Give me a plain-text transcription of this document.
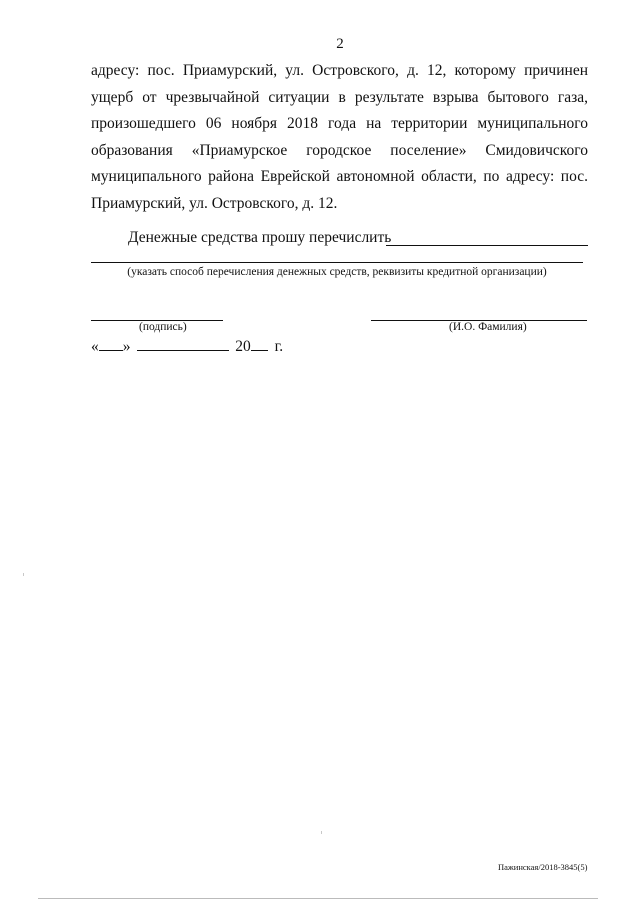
2

адресу: пос. Приамурский, ул. Островского, д. 12, которому причинен ущерб от чрезвычайной ситуации в результате взрыва бытового газа, произошедшего 06 ноября 2018 года на территории муниципального образования «Приамурское городское поселение» Смидовичского муниципального района Еврейской автономной области, по адресу: пос. Приамурский, ул. Островского, д. 12.

Денежные средства прошу перечислить
(указать способ перечисления денежных средств, реквизиты кредитной организации)
(подпись)	(И.О. Фамилия)
« »	20 г.
Пажинская/2018-3845(5)
